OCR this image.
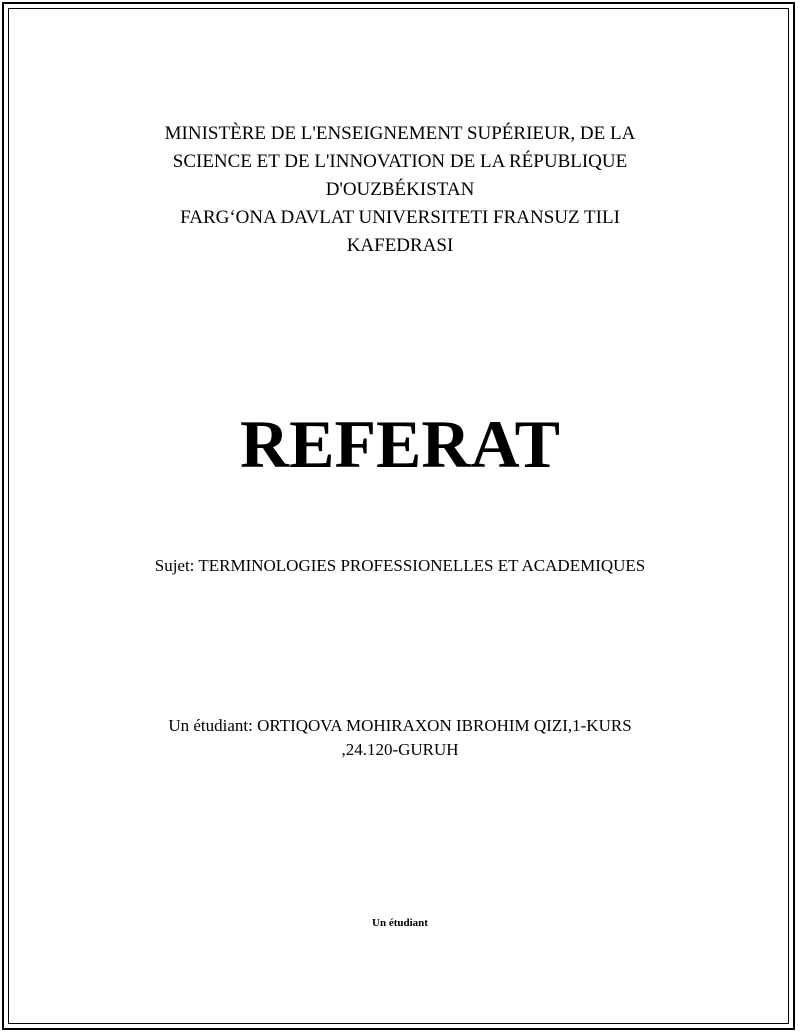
MINISTÈRE DE L'ENSEIGNEMENT SUPÉRIEUR, DE LA
SCIENCE ET DE L'INNOVATION DE LA RÉPUBLIQUE
D'OUZBÉKISTAN
FARG‘ONA DAVLAT UNIVERSITETI FRANSUZ TILI
KAFEDRASI
REFERAT

Sujet: TERMINOLOGIES PROFESSIONELLES ET ACADEMIQUES

Un étudiant: ORTIQOVA MOHIRAXON IBROHIM QIZI,1-KURS
,24.120-GURUH

Un étudiant
